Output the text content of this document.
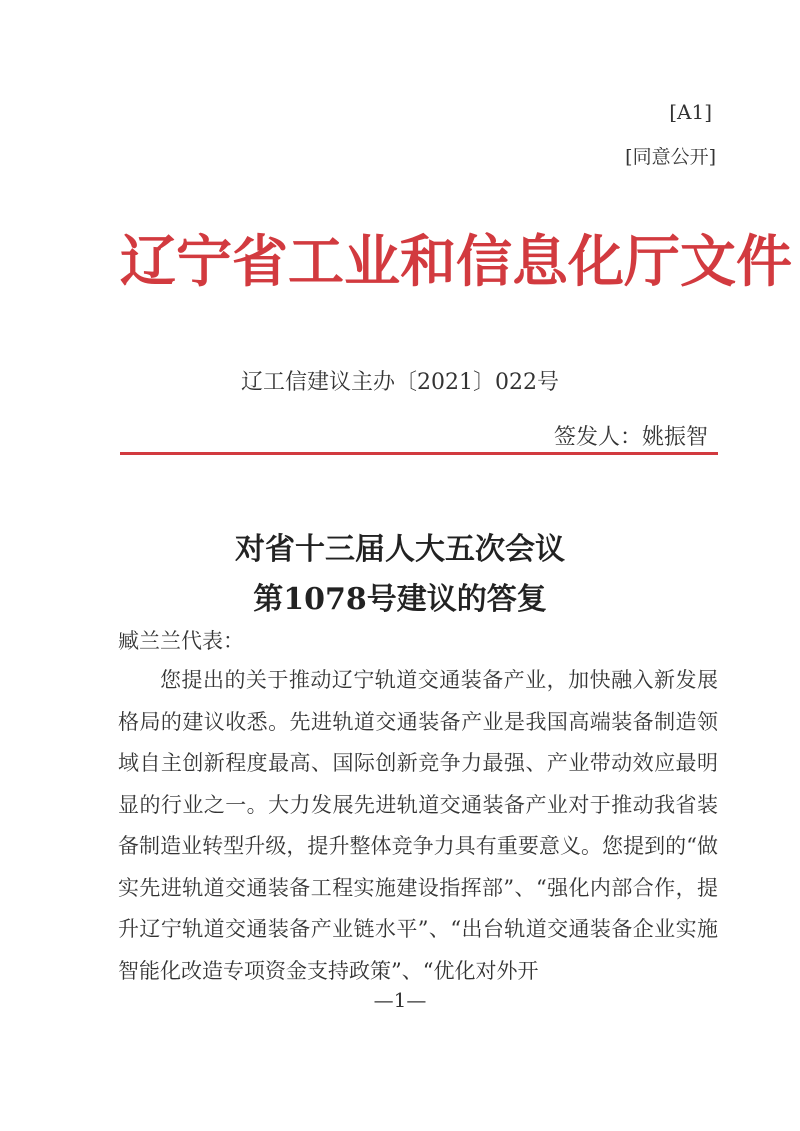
[A1]
[同意公开]
辽宁省工业和信息化厅文件
辽工信建议主办〔2021〕022号
签发人：姚振智
对省十三届人大五次会议
第1078号建议的答复
臧兰兰代表：

您提出的关于推动辽宁轨道交通装备产业，加快融入新发展格局的建议收悉。先进轨道交通装备产业是我国高端装备制造领域自主创新程度最高、国际创新竞争力最强、产业带动效应最明显的行业之一。大力发展先进轨道交通装备产业对于推动我省装备制造业转型升级，提升整体竞争力具有重要意义。您提到的“做实先进轨道交通装备工程实施建设指挥部”、“强化内部合作，提升辽宁轨道交通装备产业链水平”、“出台轨道交通装备企业实施智能化改造专项资金支持政策”、“优化对外开

—1—
